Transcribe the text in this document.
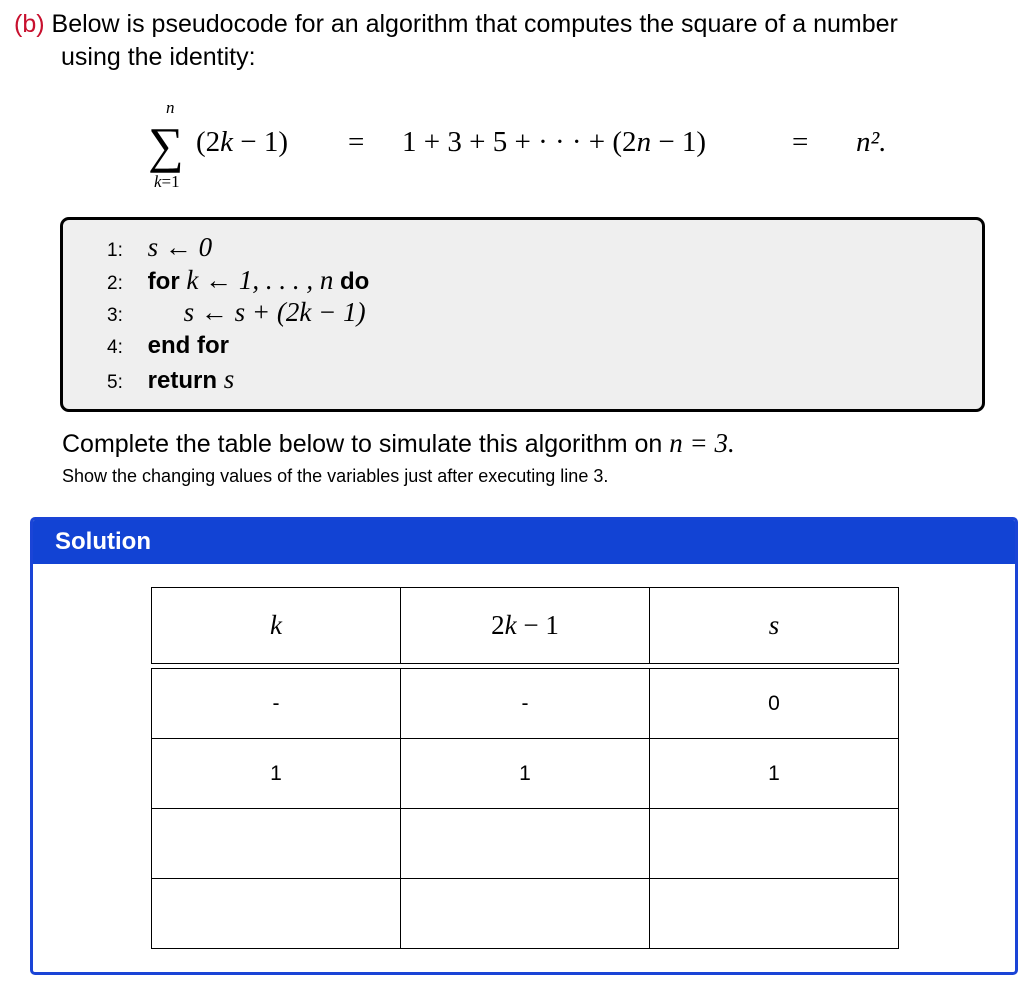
(b) Below is pseudocode for an algorithm that computes the square of a number
using the identity:
n
∑
k=1
(2k − 1) = 1 + 3 + 5 + · · · + (2n − 1)	= n².
1: s ← 0
2: for k ← 1, . . . , n do
3: s ← s + (2k − 1)
4: end for
5: return s
Complete the table below to simulate this algorithm on n = 3.
Show the changing values of the variables just after executing line 3.
Solution
k	2k − 1	s

-	-	0
1	1	1
